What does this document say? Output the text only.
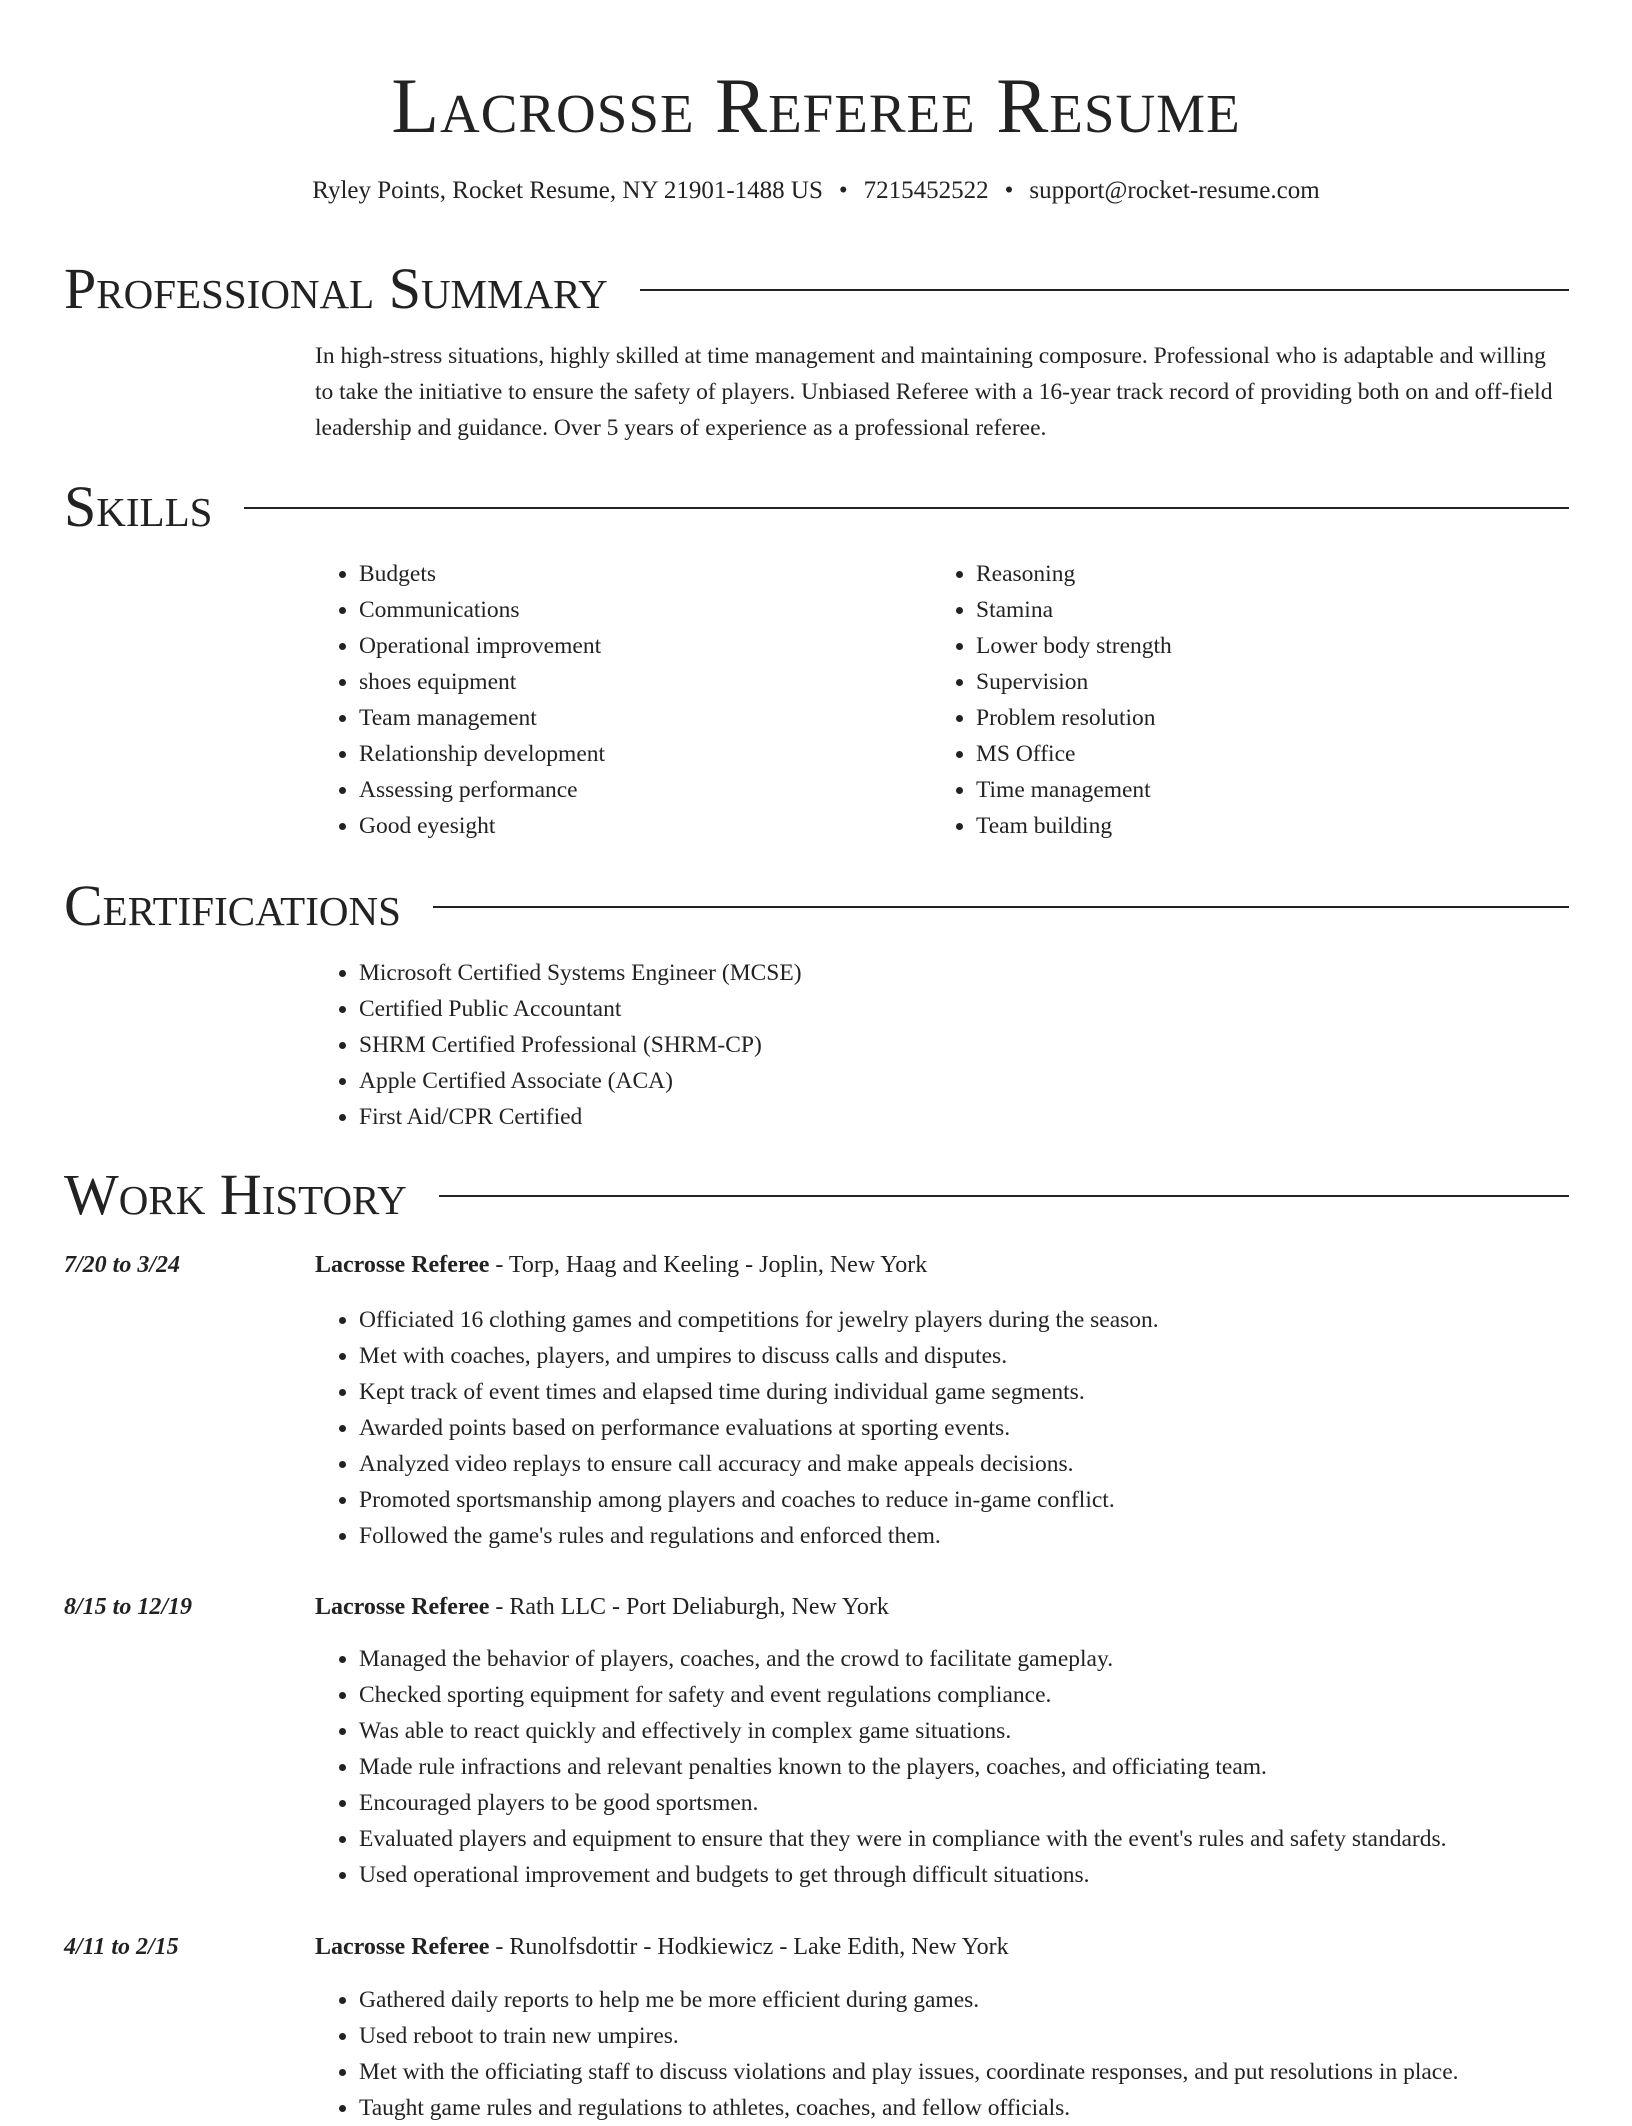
Lacrosse Referee Resume
Ryley Points, Rocket Resume, NY 21901-1488 US • 7215452522 • support@rocket-resume.com
Professional Summary

In high-stress situations, highly skilled at time management and maintaining composure. Professional who is adaptable and willing to take the initiative to ensure the safety of players. Unbiased Referee with a 16-year track record of providing both on and off-field leadership and guidance. Over 5 years of experience as a professional referee.

Skills
• Budgets
• Communications
• Operational improvement
• shoes equipment
• Team management
• Relationship development
• Assessing performance
• Good eyesight
• Reasoning
• Stamina
• Lower body strength
• Supervision
• Problem resolution
• MS Office
• Time management
• Team building
Certifications
• Microsoft Certified Systems Engineer (MCSE)
• Certified Public Accountant
• SHRM Certified Professional (SHRM-CP)
• Apple Certified Associate (ACA)
• First Aid/CPR Certified
Work History
7/20 to 3/24	Lacrosse Referee - Torp, Haag and Keeling - Joplin, New York
• Officiated 16 clothing games and competitions for jewelry players during the season.
• Met with coaches, players, and umpires to discuss calls and disputes.
• Kept track of event times and elapsed time during individual game segments.
• Awarded points based on performance evaluations at sporting events.
• Analyzed video replays to ensure call accuracy and make appeals decisions.
• Promoted sportsmanship among players and coaches to reduce in-game conflict.
• Followed the game's rules and regulations and enforced them.
8/15 to 12/19	Lacrosse Referee - Rath LLC - Port Deliaburgh, New York
• Managed the behavior of players, coaches, and the crowd to facilitate gameplay.
• Checked sporting equipment for safety and event regulations compliance.
• Was able to react quickly and effectively in complex game situations.
• Made rule infractions and relevant penalties known to the players, coaches, and officiating team.
• Encouraged players to be good sportsmen.
• Evaluated players and equipment to ensure that they were in compliance with the event's rules and safety standards.
• Used operational improvement and budgets to get through difficult situations.
4/11 to 2/15	Lacrosse Referee - Runolfsdottir - Hodkiewicz - Lake Edith, New York
• Gathered daily reports to help me be more efficient during games.
• Used reboot to train new umpires.
• Met with the officiating staff to discuss violations and play issues, coordinate responses, and put resolutions in place.
• Taught game rules and regulations to athletes, coaches, and fellow officials.
